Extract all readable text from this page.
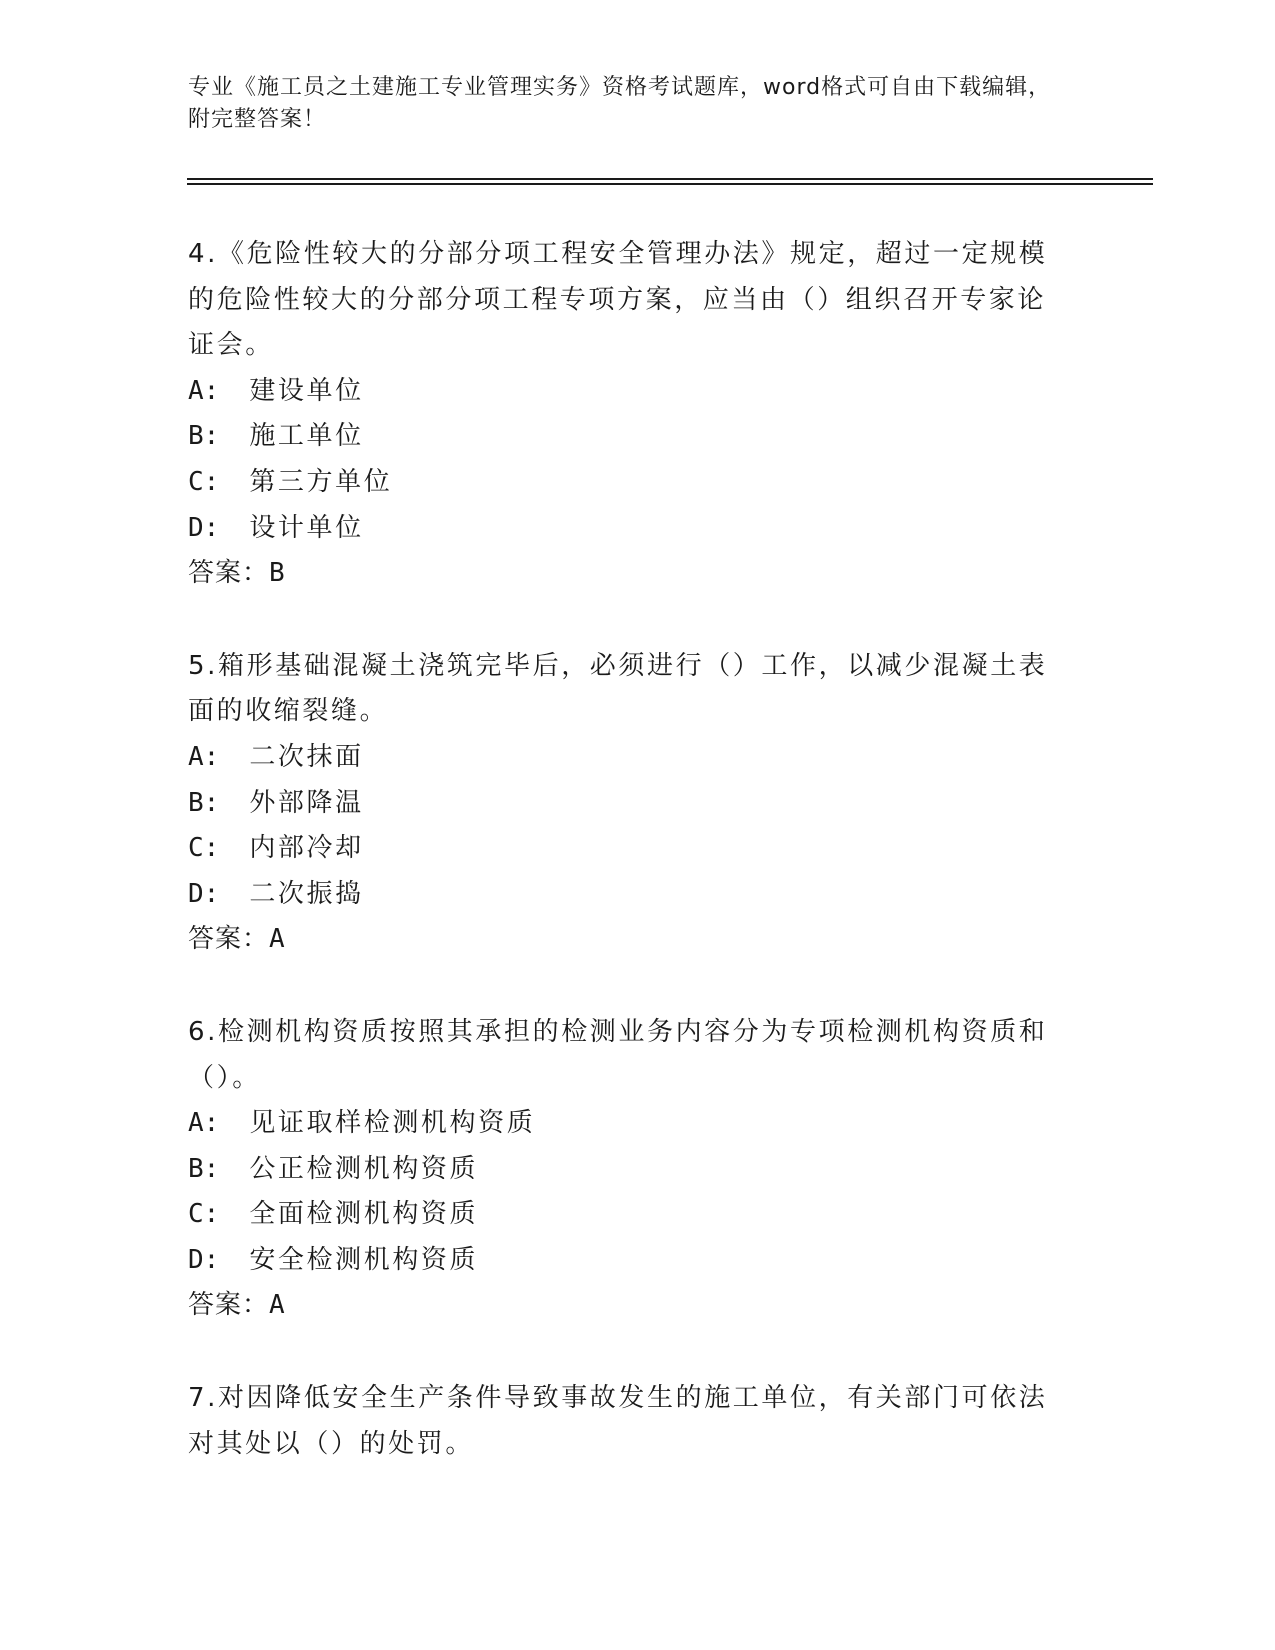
专业《施工员之土建施工专业管理实务》资格考试题库，word格式可自由下载编辑，附完整答案！

4.《危险性较大的分部分项工程安全管理办法》规定，超过一定规模的危险性较大的分部分项工程专项方案，应当由（）组织召开专家论证会。

A: 建设单位

B: 施工单位

C: 第三方单位

D: 设计单位

答案：B

5.箱形基础混凝土浇筑完毕后，必须进行（）工作，以减少混凝土表面的收缩裂缝。

A: 二次抹面

B: 外部降温

C: 内部冷却

D: 二次振捣

答案：A

6.检测机构资质按照其承担的检测业务内容分为专项检测机构资质和（）。

A: 见证取样检测机构资质

B: 公正检测机构资质

C: 全面检测机构资质

D: 安全检测机构资质

答案：A

7.对因降低安全生产条件导致事故发生的施工单位，有关部门可依法对其处以（）的处罚。
